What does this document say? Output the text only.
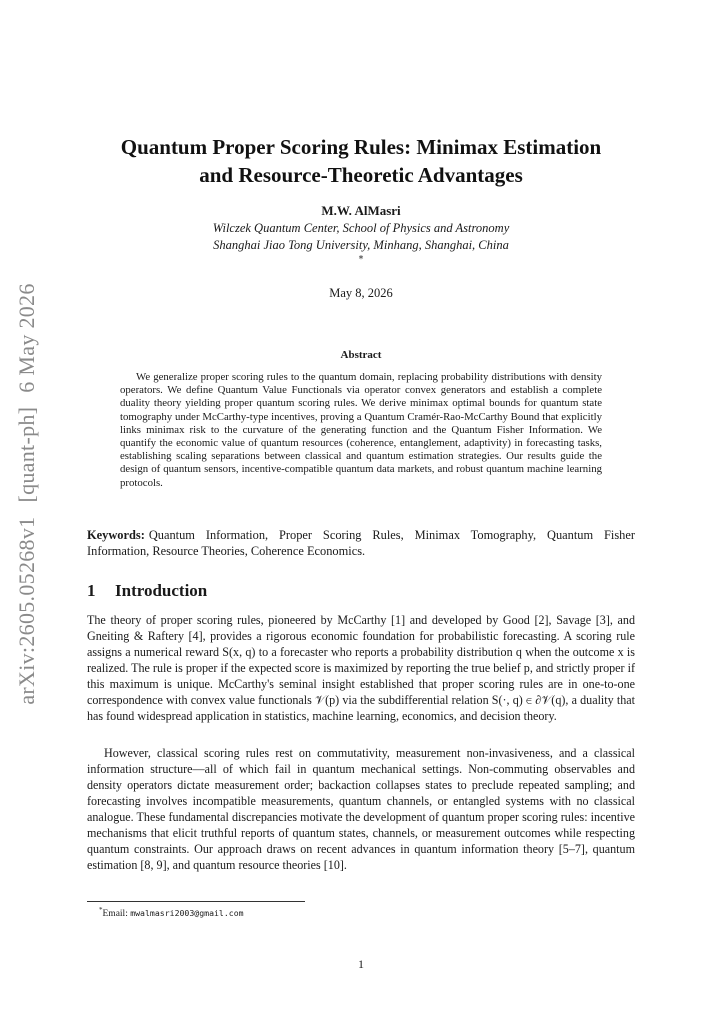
arXiv:2605.05268v1[quant-ph]6 May 2026
Quantum Proper Scoring Rules: Minimax Estimation
and Resource-Theoretic Advantages
M.W. AlMasri
Wilczek Quantum Center, School of Physics and Astronomy
Shanghai Jiao Tong University, Minhang, Shanghai, China
*
May 8, 2026
Abstract

We generalize proper scoring rules to the quantum domain, replacing probability distributions with density operators. We define Quantum Value Functionals via operator convex generators and establish a complete duality theory yielding proper quantum scoring rules. We derive minimax optimal bounds for quantum state tomography under McCarthy-type incentives, proving a Quantum Cramér-Rao-McCarthy Bound that explicitly links minimax risk to the curvature of the generating function and the Quantum Fisher Information. We quantify the economic value of quantum resources (coherence, entanglement, adaptivity) in forecasting tasks, establishing scaling separations between classical and quantum estimation strategies. Our results guide the design of quantum sensors, incentive-compatible quantum data markets, and robust quantum machine learning protocols.

Keywords: Quantum Information, Proper Scoring Rules, Minimax Tomography, Quantum Fisher Information, Resource Theories, Coherence Economics.

1 Introduction

The theory of proper scoring rules, pioneered by McCarthy [1] and developed by Good [2], Savage [3], and Gneiting & Raftery [4], provides a rigorous economic foundation for probabilistic forecasting. A scoring rule assigns a numerical reward S(x, q) to a forecaster who reports a probability distribution q when the outcome x is realized. The rule is proper if the expected score is maximized by reporting the true belief p, and strictly proper if this maximum is unique. McCarthy's seminal insight established that proper scoring rules are in one-to-one correspondence with convex value functionals 𝒱(p) via the subdifferential relation S(·, q) ∈ ∂𝒱(q), a duality that has found widespread application in statistics, machine learning, economics, and decision theory.

However, classical scoring rules rest on commutativity, measurement non-invasiveness, and a classical information structure—all of which fail in quantum mechanical settings. Non-commuting observables and density operators dictate measurement order; backaction collapses states to preclude repeated sampling; and forecasting involves incompatible measurements, quantum channels, or entangled systems with no classical analogue. These fundamental discrepancies motivate the development of quantum proper scoring rules: incentive mechanisms that elicit truthful reports of quantum states, channels, or measurement outcomes while respecting quantum constraints. Our approach draws on recent advances in quantum information theory [5–7], quantum estimation [8, 9], and quantum resource theories [10].

*Email: mwalmasri2003@gmail.com
1
